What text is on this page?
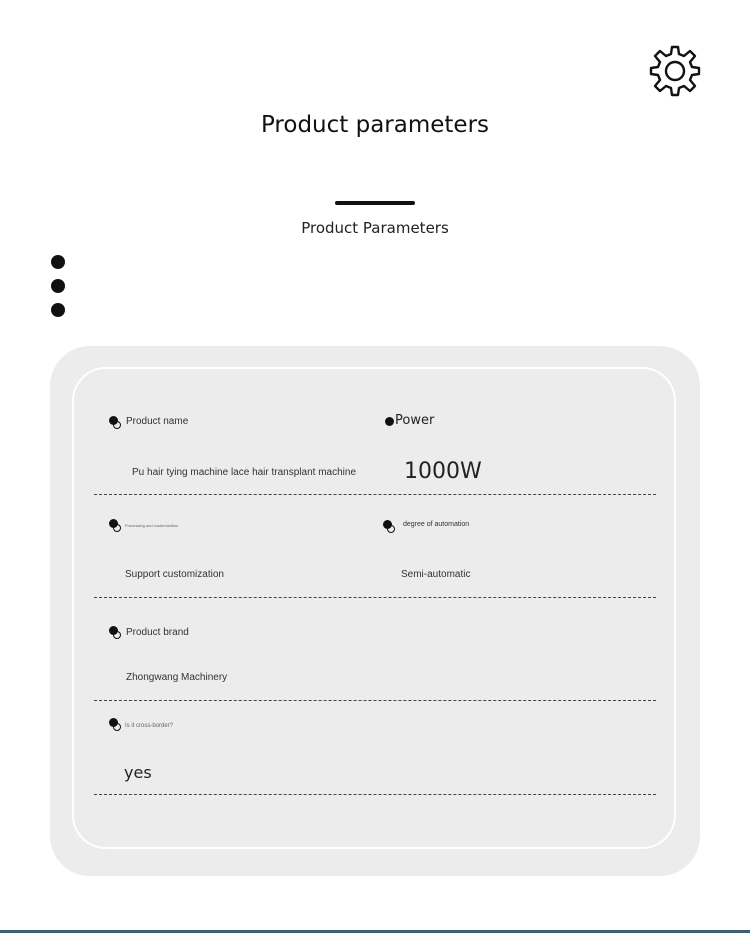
Product parameters
Product Parameters
Product name
Pu hair tying machine lace hair transplant machine
Power
1000W
Processing and customization
Support customization
degree of automation
Semi-automatic
Product brand
Zhongwang Machinery
Is it cross-border?
yes
